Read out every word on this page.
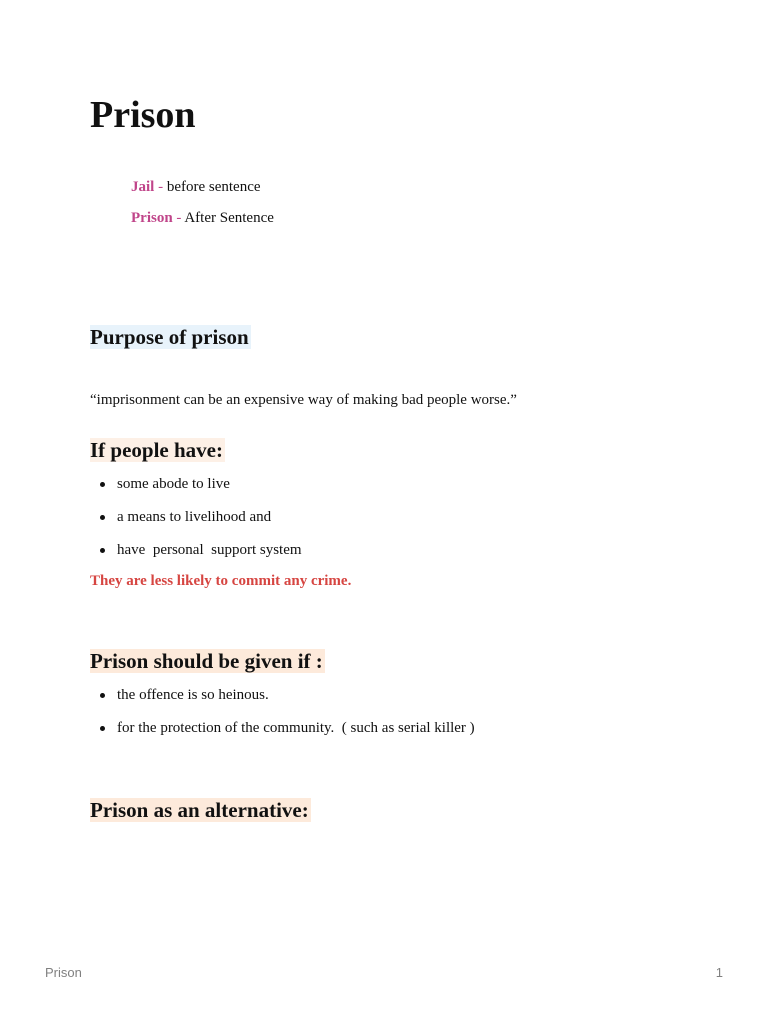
Prison
Jail - before sentence
Prison - After Sentence
Purpose of prison
“imprisonment can be an expensive way of making bad people worse.”
If people have:
some abode to live
a means to livelihood and
have  personal  support system
They are less likely to commit any crime.
Prison should be given if :
the offence is so heinous.
for the protection of the community.  ( such as serial killer )
Prison as an alternative:
Prison	1
